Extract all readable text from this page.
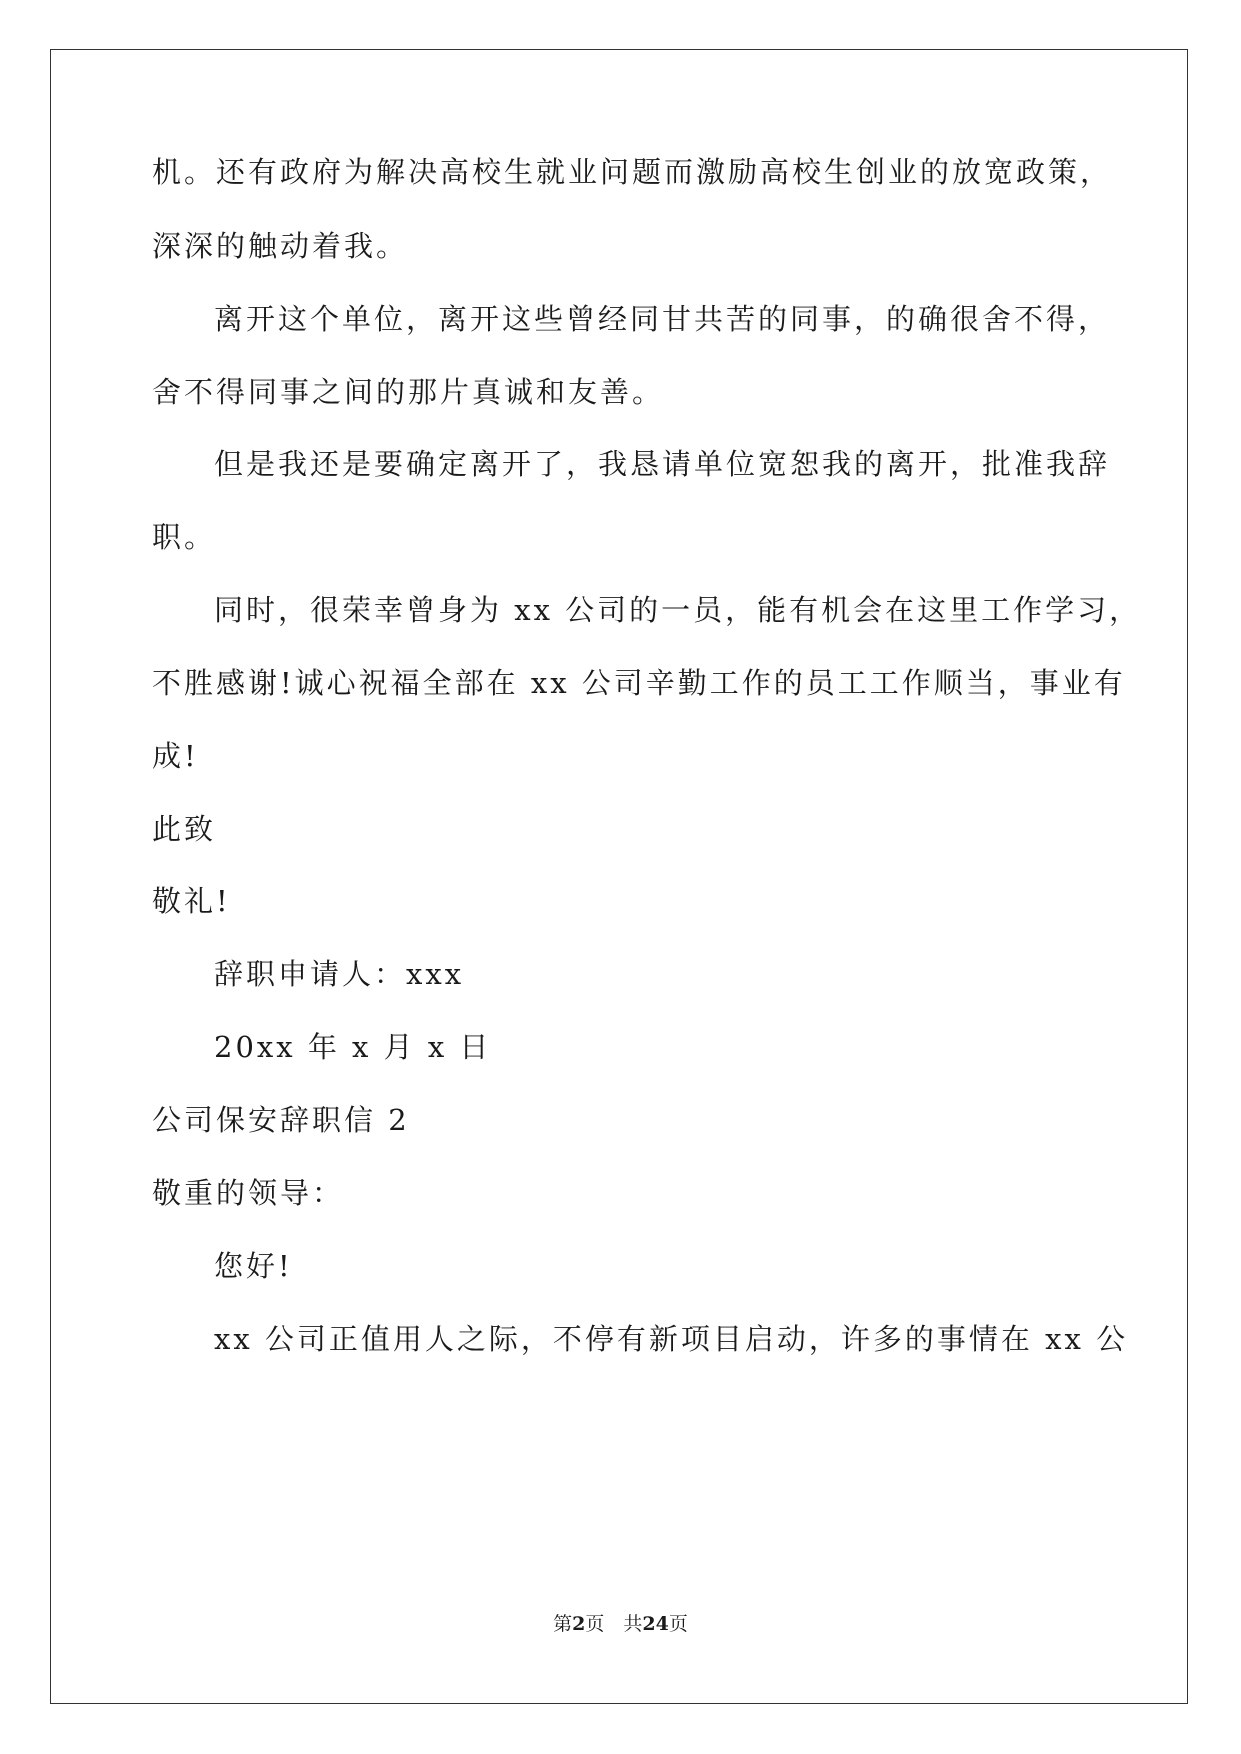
机。还有政府为解决高校生就业问题而激励高校生创业的放宽政策，
深深的触动着我。
离开这个单位，离开这些曾经同甘共苦的同事，的确很舍不得，
舍不得同事之间的那片真诚和友善。
但是我还是要确定离开了，我恳请单位宽恕我的离开，批准我辞
职。
同时，很荣幸曾身为 xx 公司的一员，能有机会在这里工作学习，
不胜感谢!诚心祝福全部在 xx 公司辛勤工作的员工工作顺当，事业有
成!
此致
敬礼!
辞职申请人：xxx
20xx 年 x 月 x 日
公司保安辞职信 2
敬重的领导：
您好!
xx 公司正值用人之际，不停有新项目启动，许多的事情在 xx 公
第2页　共24页
